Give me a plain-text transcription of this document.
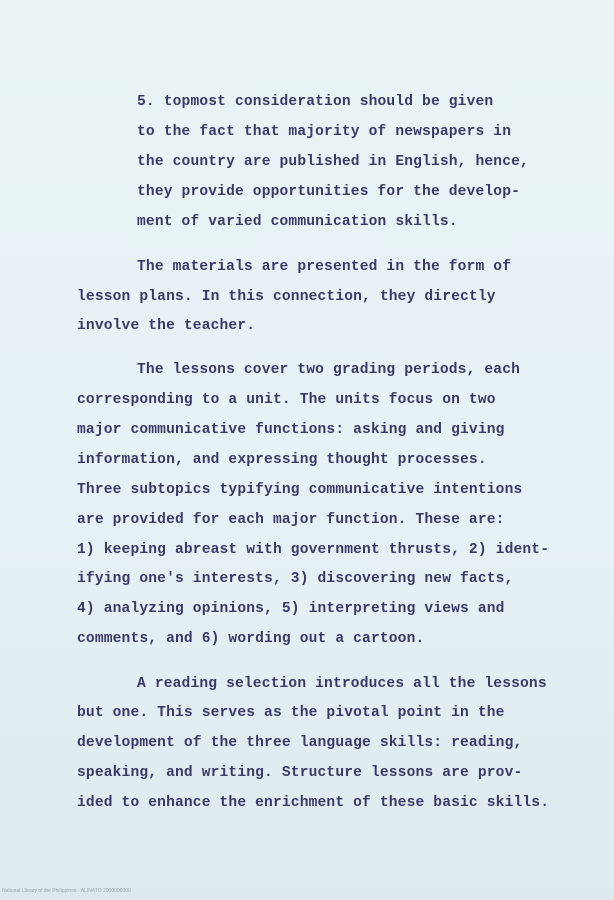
5. topmost consideration should be given
to the fact that majority of newspapers in
the country are published in English, hence,
they provide opportunities for the develop-
ment of varied communication skills.
The materials are presented in the form of
lesson plans. In this connection, they directly
involve the teacher.
The lessons cover two grading periods, each
corresponding to a unit. The units focus on two
major communicative functions: asking and giving
information, and expressing thought processes.
Three subtopics typifying communicative intentions
are provided for each major function. These are:
1) keeping abreast with government thrusts, 2) ident-
ifying one's interests, 3) discovering new facts,
4) analyzing opinions, 5) interpreting views and
comments, and 6) wording out a cartoon.
A reading selection introduces all the lessons
but one. This serves as the pivotal point in the
development of the three language skills: reading,
speaking, and writing. Structure lessons are prov-
ided to enhance the enrichment of these basic skills.
National Library of the Philippines · ALINATO 2000000000
